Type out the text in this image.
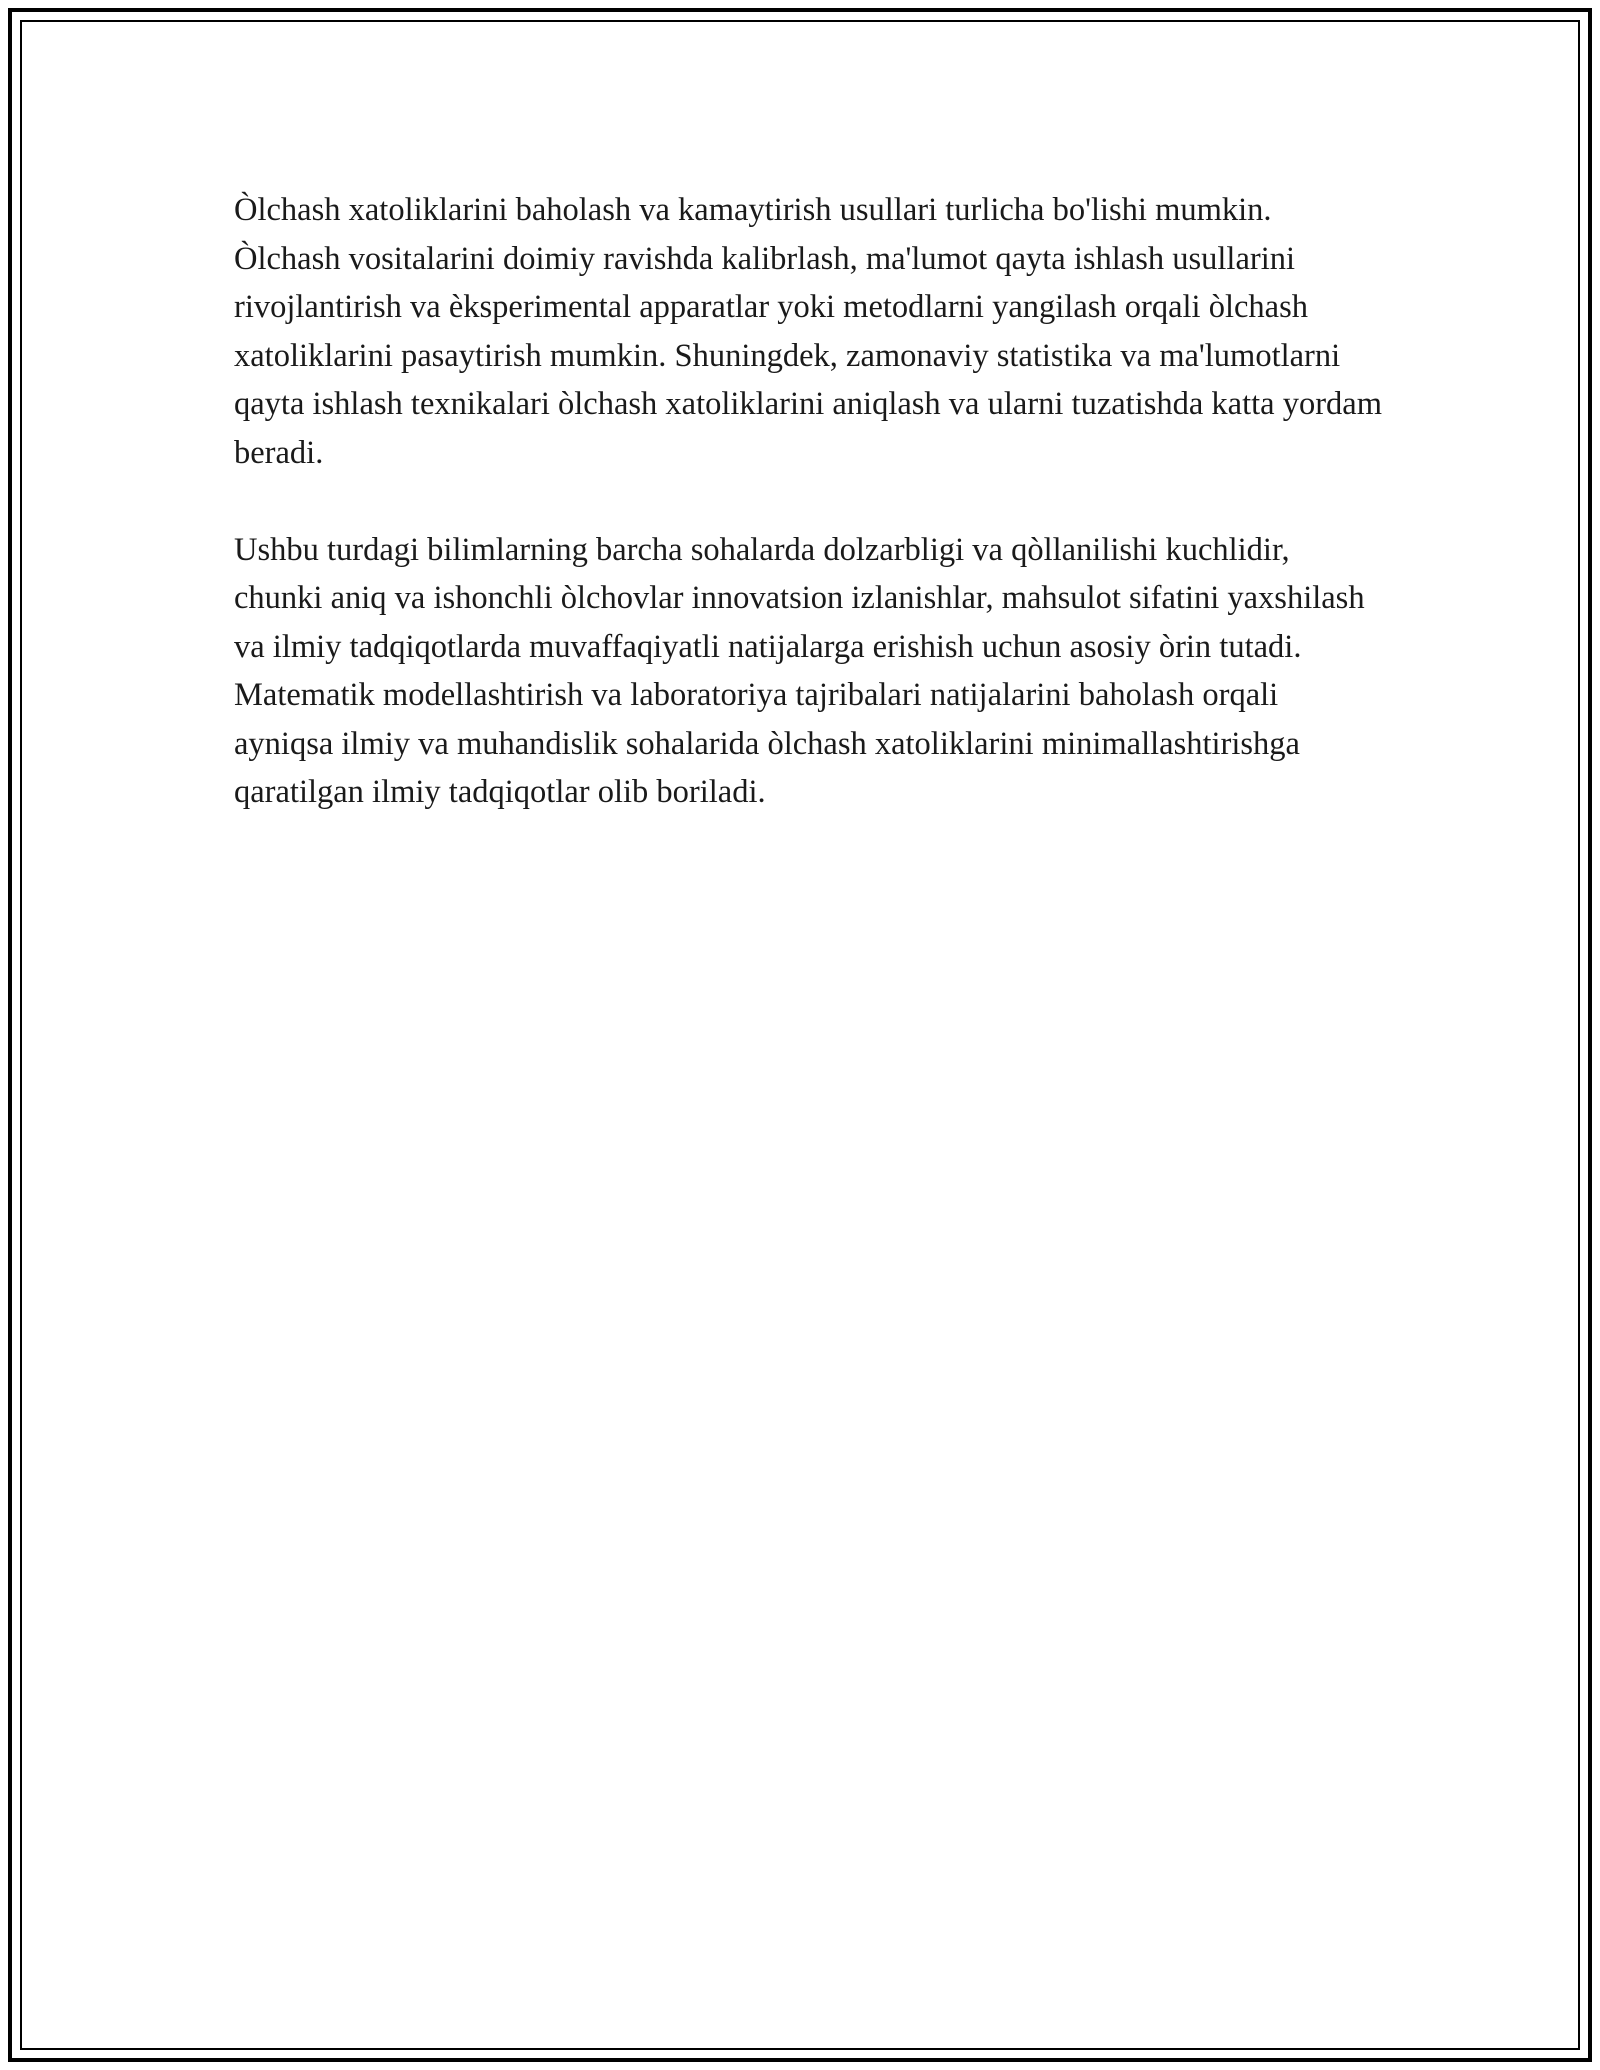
Òlchash xatoliklarini baholash va kamaytirish usullari turlicha bo'lishi mumkin. Òlchash vositalarini doimiy ravishda kalibrlash, ma'lumot qayta ishlash usullarini rivojlantirish va èksperimental apparatlar yoki metodlarni yangilash orqali òlchash xatoliklarini pasaytirish mumkin. Shuningdek, zamonaviy statistika va ma'lumotlarni qayta ishlash texnikalari òlchash xatoliklarini aniqlash va ularni tuzatishda katta yordam beradi.

Ushbu turdagi bilimlarning barcha sohalarda dolzarbligi va qòllanilishi kuchlidir, chunki aniq va ishonchli òlchovlar innovatsion izlanishlar, mahsulot sifatini yaxshilash va ilmiy tadqiqotlarda muvaffaqiyatli natijalarga erishish uchun asosiy òrin tutadi. Matematik modellashtirish va laboratoriya tajribalari natijalarini baholash orqali ayniqsa ilmiy va muhandislik sohalarida òlchash xatoliklarini minimallashtirishga qaratilgan ilmiy tadqiqotlar olib boriladi.
